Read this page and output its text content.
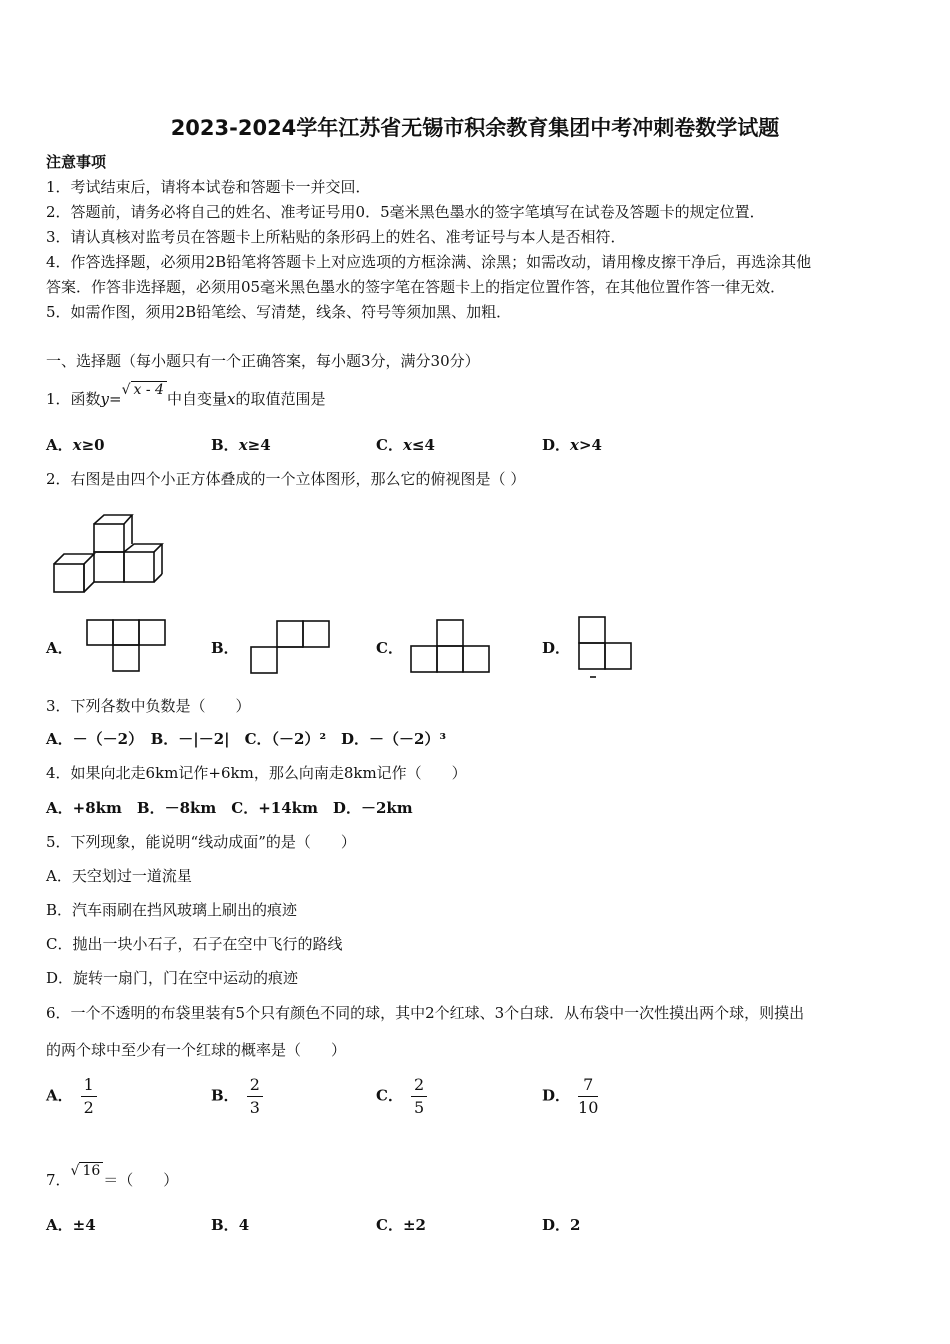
2023-2024学年江苏省无锡市积余教育集团中考冲刺卷数学试题
注意事项
1．考试结束后，请将本试卷和答题卡一并交回．
2．答题前，请务必将自己的姓名、准考证号用0．5毫米黑色墨水的签字笔填写在试卷及答题卡的规定位置．
3．请认真核对监考员在答题卡上所粘贴的条形码上的姓名、准考证号与本人是否相符．
4．作答选择题，必须用2B铅笔将答题卡上对应选项的方框涂满、涂黑；如需改动，请用橡皮擦干净后，再选涂其他
答案．作答非选择题，必须用05毫米黑色墨水的签字笔在答题卡上的指定位置作答，在其他位置作答一律无效．
5．如需作图，须用2B铅笔绘、写清楚，线条、符号等须加黑、加粗．
一、选择题（每小题只有一个正确答案，每小题3分，满分30分）
1．函数y=√ x - 4 中自变量x的取值范围是
A．x≥0	B．x≥4	C．x≤4	D．x>4
2．右图是由四个小正方体叠成的一个立体图形，那么它的俯视图是（ ）
A．	B．	C．	D．
3．下列各数中负数是（　　）
A．－（－2）　B．－|－2|　C．（－2）²　D．－（－2）³
4．如果向北走6km记作+6km，那么向南走8km记作（　　）
A．+8km　B．－8km　C．+14km　D．－2km
5．下列现象，能说明“线动成面”的是（　　）
A．天空划过一道流星
B．汽车雨刷在挡风玻璃上刷出的痕迹
C．抛出一块小石子，石子在空中飞行的路线
D．旋转一扇门，门在空中运动的痕迹
6．一个不透明的布袋里装有5个只有颜色不同的球，其中2个红球、3个白球．从布袋中一次性摸出两个球，则摸出
的两个球中至少有一个红球的概率是（　　）
A． $\frac{1}{2}$	B． $\frac{2}{3}$	C． $\frac{2}{5}$	D． $\frac{7}{10}$
7．√ 16 ＝（　　）
A．±4	B．4	C．±2	D．2
